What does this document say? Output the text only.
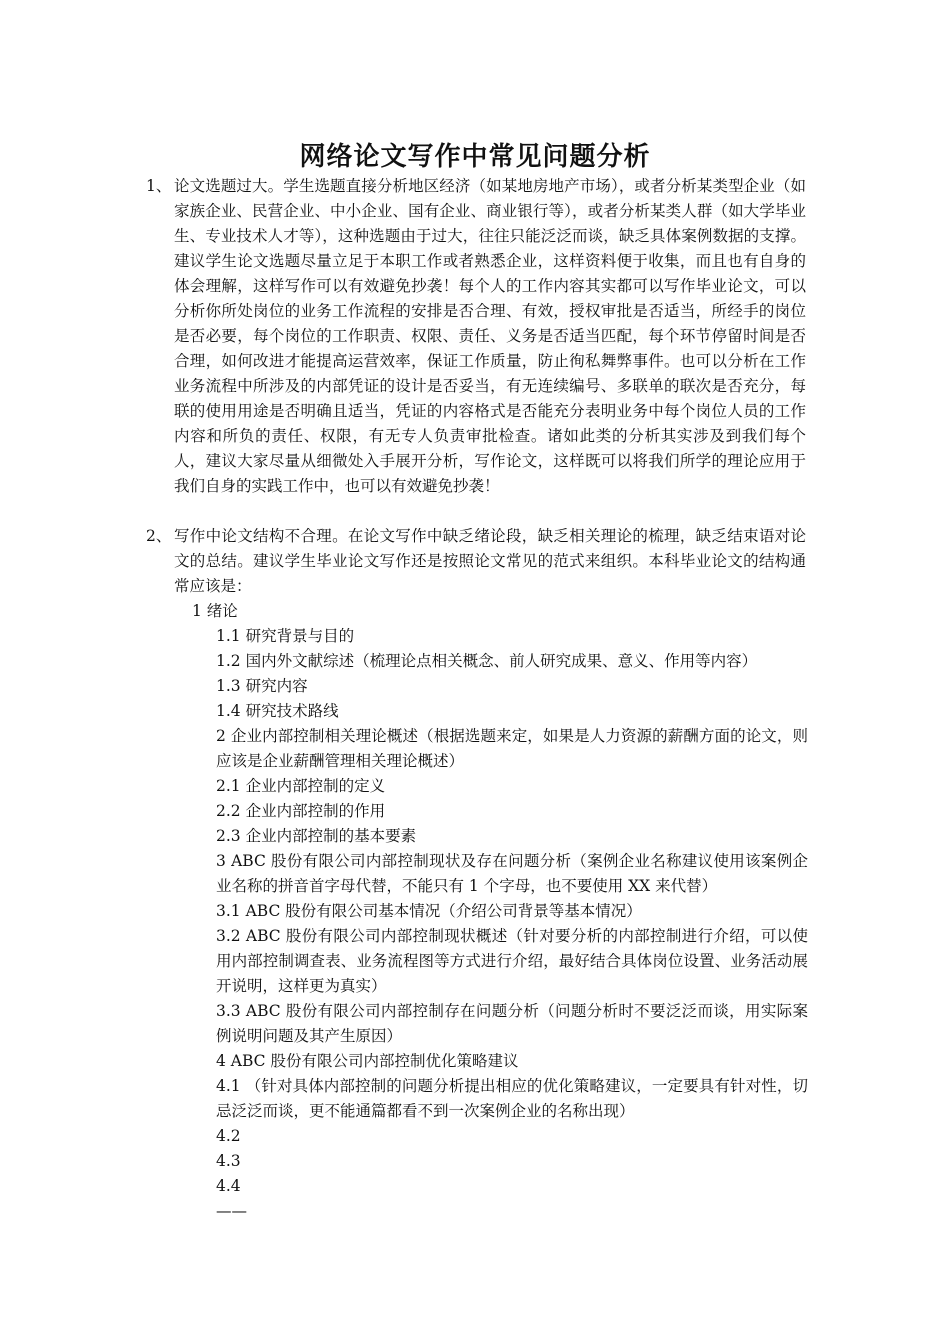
网络论文写作中常见问题分析
1、 论文选题过大。学生选题直接分析地区经济（如某地房地产市场），或者分析某类型企业（如家族企业、民营企业、中小企业、国有企业、商业银行等），或者分析某类人群（如大学毕业生、专业技术人才等），这种选题由于过大，往往只能泛泛而谈，缺乏具体案例数据的支撑。建议学生论文选题尽量立足于本职工作或者熟悉企业，这样资料便于收集，而且也有自身的体会理解，这样写作可以有效避免抄袭！每个人的工作内容其实都可以写作毕业论文，可以分析你所处岗位的业务工作流程的安排是否合理、有效，授权审批是否适当，所经手的岗位是否必要，每个岗位的工作职责、权限、责任、义务是否适当匹配，每个环节停留时间是否合理，如何改进才能提高运营效率，保证工作质量，防止徇私舞弊事件。也可以分析在工作业务流程中所涉及的内部凭证的设计是否妥当，有无连续编号、多联单的联次是否充分，每联的使用用途是否明确且适当，凭证的内容格式是否能充分表明业务中每个岗位人员的工作内容和所负的责任、权限，有无专人负责审批检查。诸如此类的分析其实涉及到我们每个人，建议大家尽量从细微处入手展开分析，写作论文，这样既可以将我们所学的理论应用于我们自身的实践工作中，也可以有效避免抄袭！
2、 写作中论文结构不合理。在论文写作中缺乏绪论段，缺乏相关理论的梳理，缺乏结束语对论文的总结。建议学生毕业论文写作还是按照论文常见的范式来组织。本科毕业论文的结构通常应该是：
1 绪论
1.1 研究背景与目的
1.2 国内外文献综述（梳理论点相关概念、前人研究成果、意义、作用等内容）
1.3 研究内容
1.4 研究技术路线
2 企业内部控制相关理论概述（根据选题来定，如果是人力资源的薪酬方面的论文，则应该是企业薪酬管理相关理论概述）
2.1 企业内部控制的定义
2.2 企业内部控制的作用
2.3 企业内部控制的基本要素
3 ABC 股份有限公司内部控制现状及存在问题分析（案例企业名称建议使用该案例企业名称的拼音首字母代替，不能只有 1 个字母，也不要使用 XX 来代替）
3.1 ABC 股份有限公司基本情况（介绍公司背景等基本情况）
3.2 ABC 股份有限公司内部控制现状概述（针对要分析的内部控制进行介绍，可以使用内部控制调查表、业务流程图等方式进行介绍，最好结合具体岗位设置、业务活动展开说明，这样更为真实）
3.3 ABC 股份有限公司内部控制存在问题分析（问题分析时不要泛泛而谈，用实际案例说明问题及其产生原因）
4 ABC 股份有限公司内部控制优化策略建议
4.1 （针对具体内部控制的问题分析提出相应的优化策略建议，一定要具有针对性，切忌泛泛而谈，更不能通篇都看不到一次案例企业的名称出现）
4.2
4.3
4.4
——
